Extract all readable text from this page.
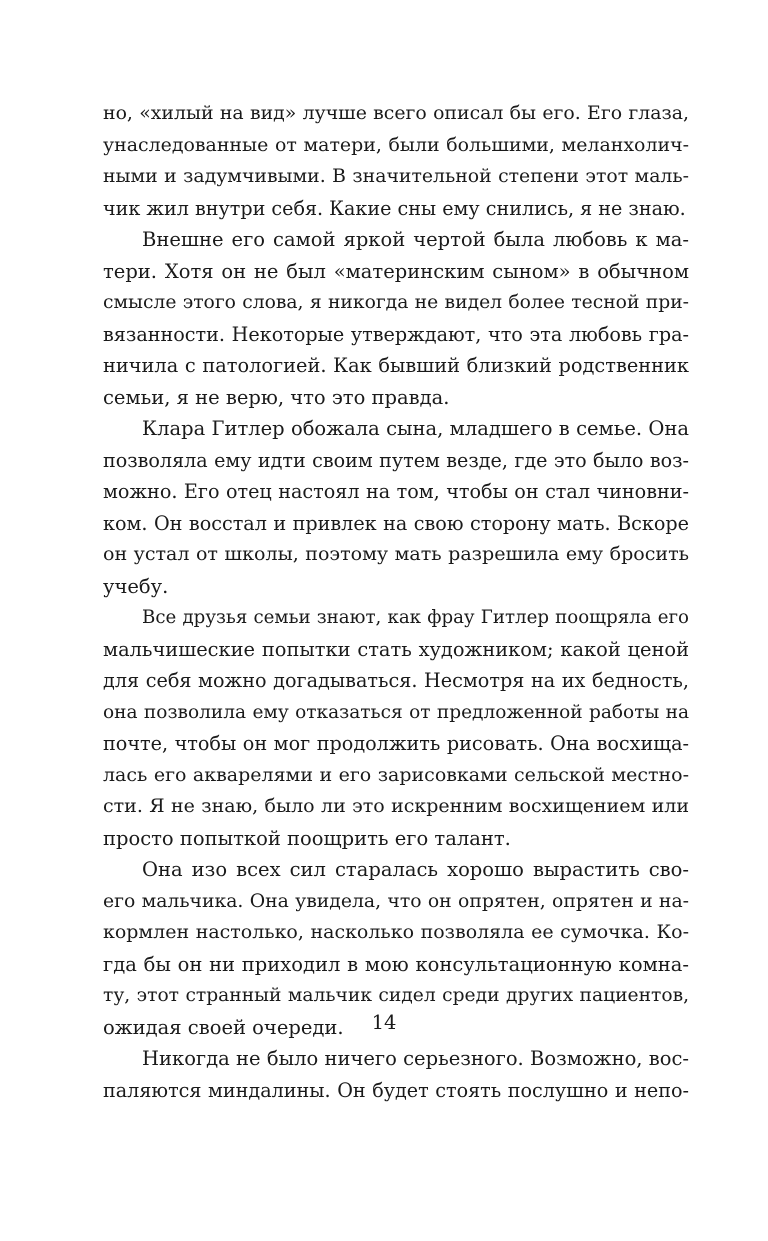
но, «хилый на вид» лучше всего описал бы его. Его глаза,
унаследованные от матери, были большими, меланхолич-
ными и задумчивыми. В значительной степени этот маль-
чик жил внутри себя. Какие сны ему снились, я не знаю.
Внешне его самой яркой чертой была любовь к ма-
тери. Хотя он не был «материнским сыном» в обычном
смысле этого слова, я никогда не видел более тесной при-
вязанности. Некоторые утверждают, что эта любовь гра-
ничила с патологией. Как бывший близкий родственник
семьи, я не верю, что это правда.
Клара Гитлер обожала сына, младшего в семье. Она
позволяла ему идти своим путем везде, где это было воз-
можно. Его отец настоял на том, чтобы он стал чиновни-
ком. Он восстал и привлек на свою сторону мать. Вскоре
он устал от школы, поэтому мать разрешила ему бросить
учебу.
Все друзья семьи знают, как фрау Гитлер поощряла его
мальчишеские попытки стать художником; какой ценой
для себя можно догадываться. Несмотря на их бедность,
она позволила ему отказаться от предложенной работы на
почте, чтобы он мог продолжить рисовать. Она восхища-
лась его акварелями и его зарисовками сельской местно-
сти. Я не знаю, было ли это искренним восхищением или
просто попыткой поощрить его талант.
Она изо всех сил старалась хорошо вырастить сво-
его мальчика. Она увидела, что он опрятен, опрятен и на-
кормлен настолько, насколько позволяла ее сумочка. Ко-
гда бы он ни приходил в мою консультационную комна-
ту, этот странный мальчик сидел среди других пациентов,
ожидая своей очереди.
Никогда не было ничего серьезного. Возможно, вос-
паляются миндалины. Он будет стоять послушно и непо-
14
